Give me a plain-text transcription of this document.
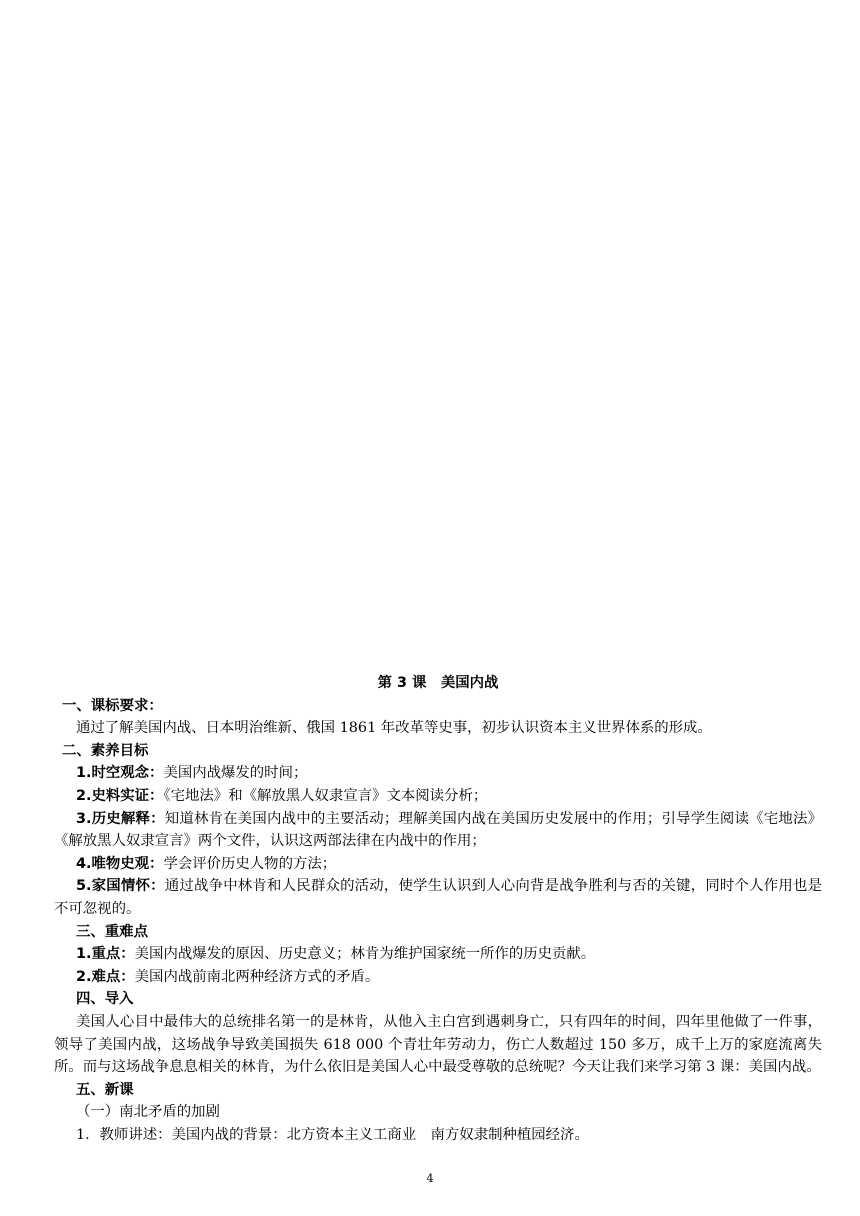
第 3 课　美国内战
一、课标要求：
通过了解美国内战、日本明治维新、俄国 1861 年改革等史事，初步认识资本主义世界体系的形成。
二、素养目标
1.时空观念：美国内战爆发的时间；
2.史料实证：《宅地法》和《解放黑人奴隶宣言》文本阅读分析；
3.历史解释：知道林肯在美国内战中的主要活动；理解美国内战在美国历史发展中的作用；引导学生阅读《宅地法》《解放黑人奴隶宣言》两个文件，认识这两部法律在内战中的作用；
4.唯物史观：学会评价历史人物的方法；
5.家国情怀：通过战争中林肯和人民群众的活动，使学生认识到人心向背是战争胜利与否的关键，同时个人作用也是不可忽视的。
三、重难点
1.重点：美国内战爆发的原因、历史意义；林肯为维护国家统一所作的历史贡献。
2.难点：美国内战前南北两种经济方式的矛盾。
四、导入
美国人心目中最伟大的总统排名第一的是林肯，从他入主白宫到遇刺身亡，只有四年的时间，四年里他做了一件事，领导了美国内战，这场战争导致美国损失 618 000 个青壮年劳动力，伤亡人数超过 150 多万，成千上万的家庭流离失所。而与这场战争息息相关的林肯，为什么依旧是美国人心中最受尊敬的总统呢？今天让我们来学习第 3 课：美国内战。
五、新课
（一）南北矛盾的加剧
1．教师讲述：美国内战的背景：北方资本主义工商业　南方奴隶制种植园经济。
4
